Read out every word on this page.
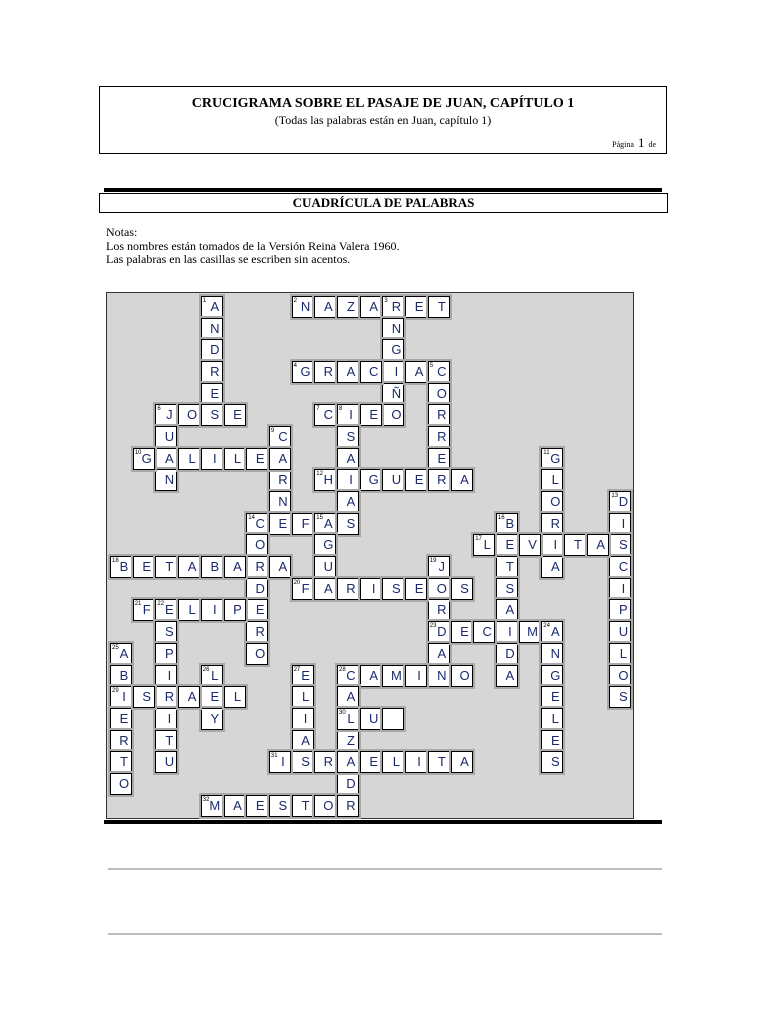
CRUCIGRAMA SOBRE EL PASAJE DE JUAN, CAPÍTULO 1
(Todas las palabras están en Juan, capítulo 1)
Página 1 de
CUADRÍCULA DE PALABRAS
Notas:
Los nombres están tomados de la Versión Reina Valera 1960.
Las palabras en las casillas se escriben sin acentos.
A
1
N
D
R
E
N
2	A	Z	A	R
3	E	T
N
G
I
Ñ
O
G
4	R	A	C	A	C
5
O
R
R
E
J
6	O	S	E
U
A
N
C
7	I
8	E
S
A
C
9
R
N
G
10	L	I	L	E	A	G
11
L
O
R
I
A
H
12	I	G U	E	R	A
A	D
13
I
S
C
I
P
U
L
O
S
C
14	E	F	A
15	S
G
U
O
R
D
E
R
O
B
16
E
T
S
A
I
D
A
L
17	V	T	A
B
18	E	T	A	B	A	A	J
19
O
R
D
23
A
N
F
20	A	R	I	S	E	S
F
21	E
22	L	I	P
S
P
I
R
I
T
U
E	C	M A
24
N
G
E
L
E
S
A
25
B
I
29
E
R
T
O
L
26
E
Y
E
27
L
I
A
S
C
28	A M	I	O
A
Z
D
S	A	L
L
30	U
I
31	R	A	E	L	I	T	A
M
32	A	E	S	T	O R
